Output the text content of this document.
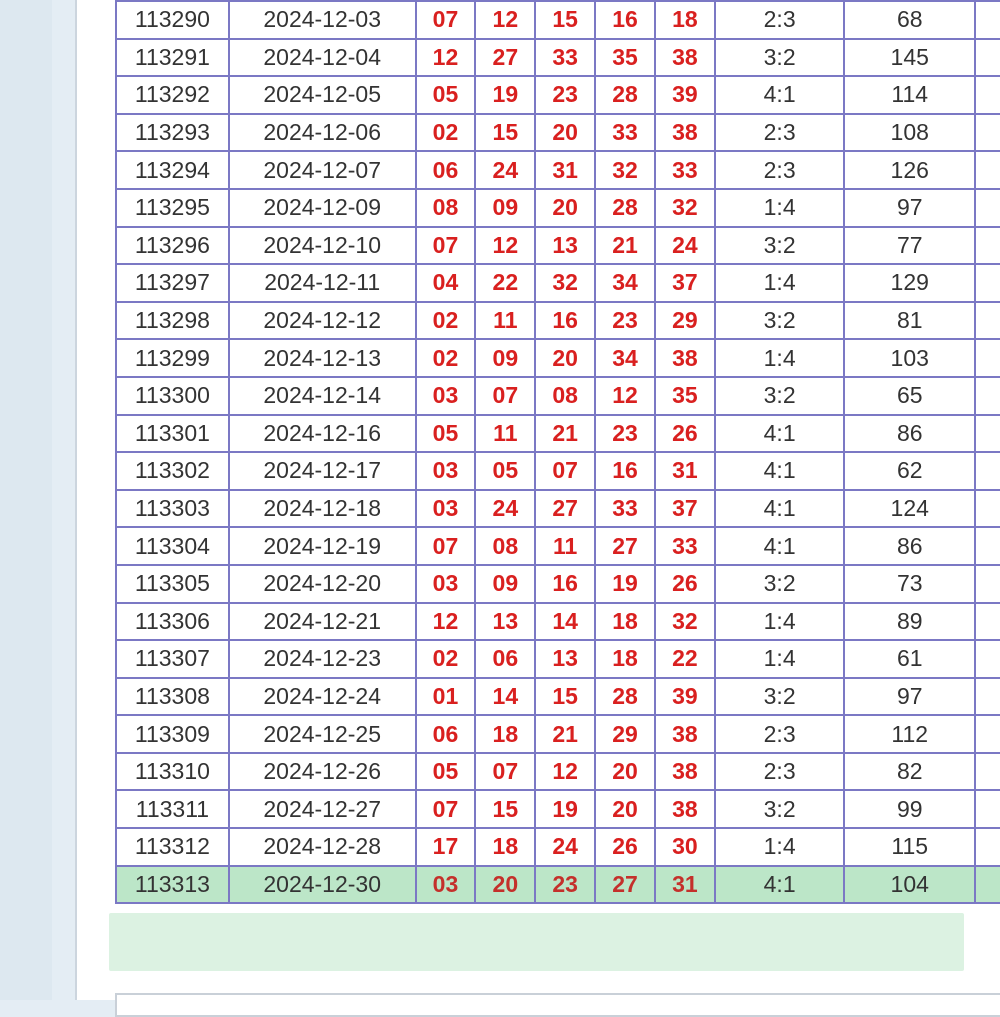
113290	2024-12-03	07	12	15	16	18	2:3	68	
113291	2024-12-04	12	27	33	35	38	3:2	145	
113292	2024-12-05	05	19	23	28	39	4:1	114	
113293	2024-12-06	02	15	20	33	38	2:3	108	
113294	2024-12-07	06	24	31	32	33	2:3	126	
113295	2024-12-09	08	09	20	28	32	1:4	97	
113296	2024-12-10	07	12	13	21	24	3:2	77	
113297	2024-12-11	04	22	32	34	37	1:4	129	
113298	2024-12-12	02	11	16	23	29	3:2	81	
113299	2024-12-13	02	09	20	34	38	1:4	103	
113300	2024-12-14	03	07	08	12	35	3:2	65	
113301	2024-12-16	05	11	21	23	26	4:1	86	
113302	2024-12-17	03	05	07	16	31	4:1	62	
113303	2024-12-18	03	24	27	33	37	4:1	124	
113304	2024-12-19	07	08	11	27	33	4:1	86	
113305	2024-12-20	03	09	16	19	26	3:2	73	
113306	2024-12-21	12	13	14	18	32	1:4	89	
113307	2024-12-23	02	06	13	18	22	1:4	61	
113308	2024-12-24	01	14	15	28	39	3:2	97	
113309	2024-12-25	06	18	21	29	38	2:3	112	
113310	2024-12-26	05	07	12	20	38	2:3	82	
113311	2024-12-27	07	15	19	20	38	3:2	99	
113312	2024-12-28	17	18	24	26	30	1:4	115	
113313	2024-12-30	03	20	23	27	31	4:1	104	
